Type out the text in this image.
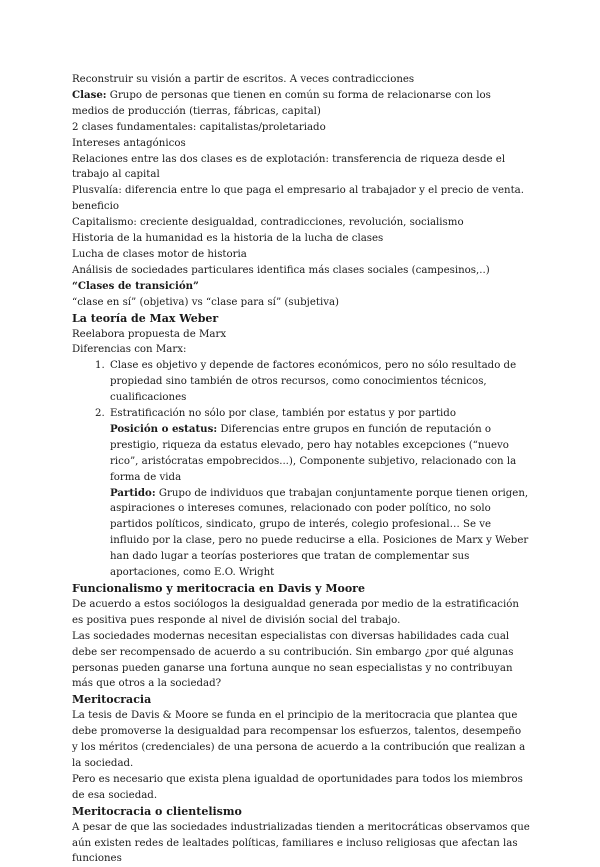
Reconstruir su visión a partir de escritos. A veces contradicciones

Clase: Grupo de personas que tienen en común su forma de relacionarse con los medios de producción (tierras, fábricas, capital)

2 clases fundamentales: capitalistas/proletariado

Intereses antagónicos

Relaciones entre las dos clases es de explotación: transferencia de riqueza desde el trabajo al capital

Plusvalía: diferencia entre lo que paga el empresario al trabajador y el precio de venta. beneficio

Capitalismo: creciente desigualdad, contradicciones, revolución, socialismo

Historia de la humanidad es la historia de la lucha de clases

Lucha de clases motor de historia

Análisis de sociedades particulares identifica más clases sociales (campesinos,..) “Clases de transición”

“clase en sí” (objetiva) vs “clase para sí” (subjetiva)

La teoría de Max Weber

Reelabora propuesta de Marx

Diferencias con Marx:

1. Clase es objetivo y depende de factores económicos, pero no sólo resultado de propiedad sino también de otros recursos, como conocimientos técnicos, cualificaciones
2. Estratificación no sólo por clase, también por estatus y por partido

Posición o estatus: Diferencias entre grupos en función de reputación o prestigio, riqueza da estatus elevado, pero hay notables excepciones (“nuevo rico”, aristócratas empobrecidos...), Componente subjetivo, relacionado con la forma de vida

Partido: Grupo de individuos que trabajan conjuntamente porque tienen origen, aspiraciones o intereses comunes, relacionado con poder político, no solo partidos políticos, sindicato, grupo de interés, colegio profesional… Se ve influido por la clase, pero no puede reducirse a ella. Posiciones de Marx y Weber han dado lugar a teorías posteriores que tratan de complementar sus aportaciones, como E.O. Wright

Funcionalismo y meritocracia en Davis y Moore

De acuerdo a estos sociólogos la desigualdad generada por medio de la estratificación es positiva pues responde al nivel de división social del trabajo.

Las sociedades modernas necesitan especialistas con diversas habilidades cada cual debe ser recompensado de acuerdo a su contribución. Sin embargo ¿por qué algunas personas pueden ganarse una fortuna aunque no sean especialistas y no contribuyan más que otros a la sociedad?

Meritocracia

La tesis de Davis & Moore se funda en el principio de la meritocracia que plantea que debe promoverse la desigualdad para recompensar los esfuerzos, talentos, desempeño y los méritos (credenciales) de una persona de acuerdo a la contribución que realizan a la sociedad.

Pero es necesario que exista plena igualdad de oportunidades para todos los miembros de esa sociedad.

Meritocracia o clientelismo

A pesar de que las sociedades industrializadas tienden a meritocráticas observamos que aún existen redes de lealtades políticas, familiares e incluso religiosas que afectan las funciones
